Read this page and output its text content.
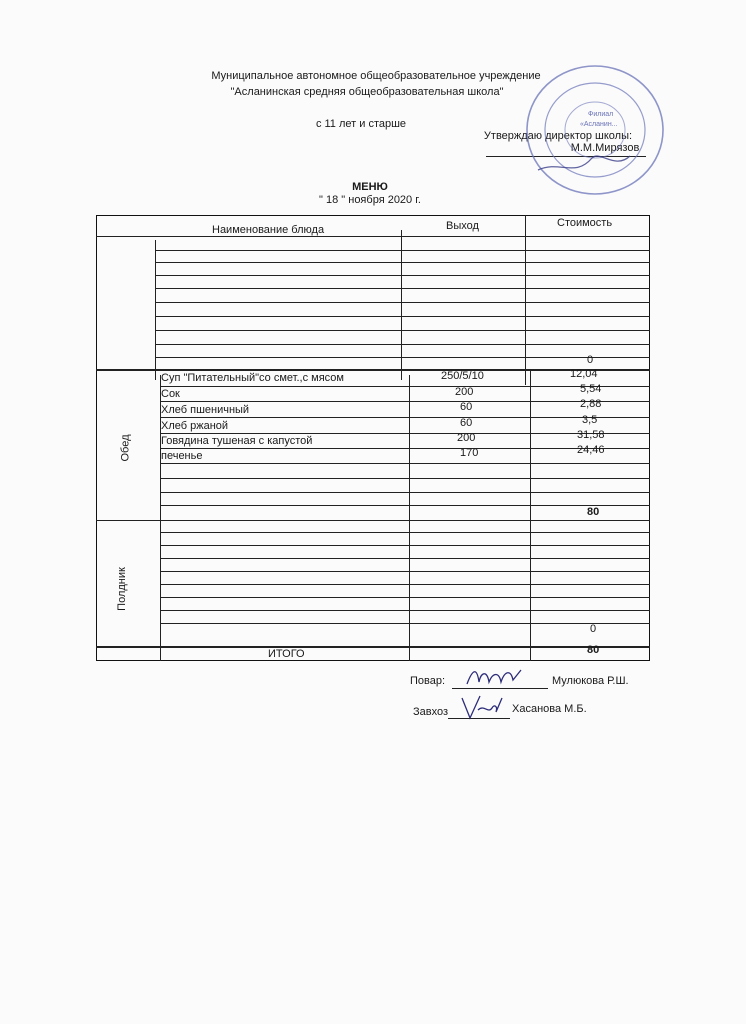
Муниципальное автономное общеобразовательное учреждение
"Асланинская средняя общеобразовательная школа"
с 11 лет и старше
Утверждаю директор школы:
М.М.Мирязов
Филиал
«Асланин...
МЕНЮ
" 18 " ноября 2020 г.
Наименование блюда	Выход	Стоимость
0
Обед
Суп "Питательный"со смет.,с мясом	250/5/10	12,04
Сок	200	5,54
Хлеб пшеничный	60	2,88
Хлеб ржаной	60	3,5
Говядина тушеная с капустой	200	31,58
печенье	170	24,46
80
Полдник
0
ИТОГО	80
Повар:	Мулюкова Р.Ш.
Завхоз	Хасанова М.Б.
